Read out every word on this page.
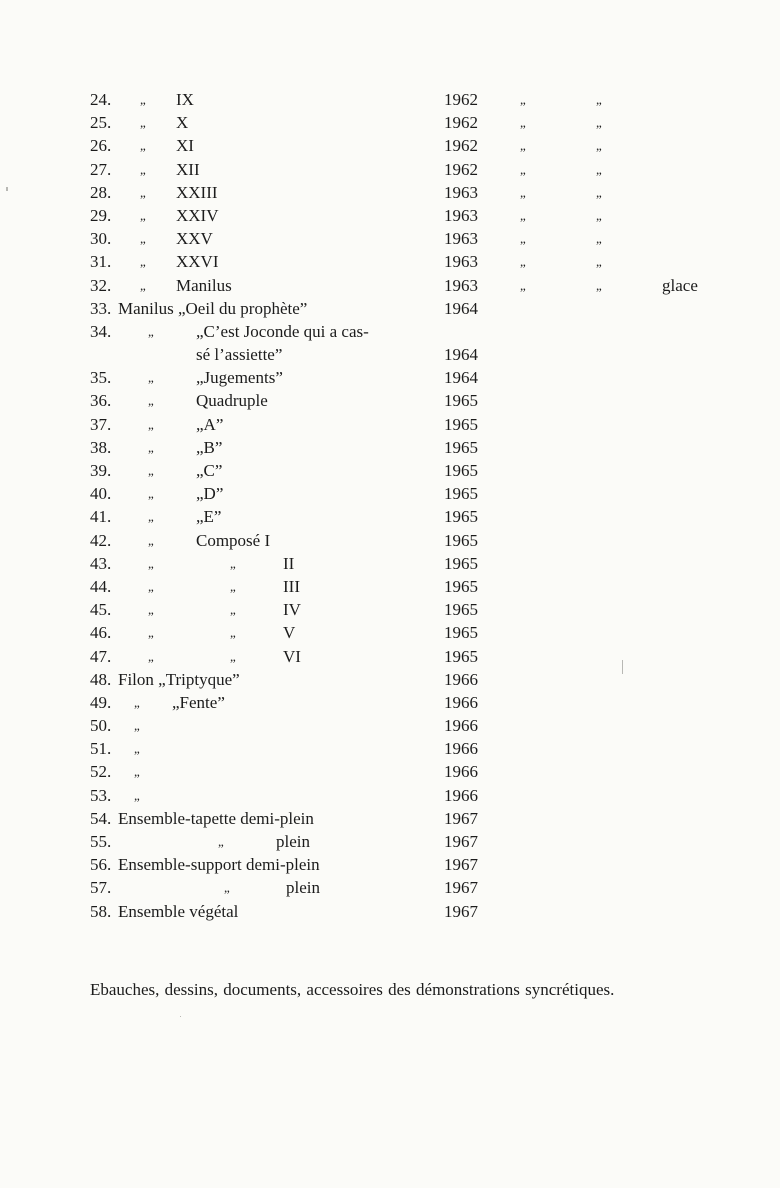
24. „ IX	1962	„	„
25. „ X	1962	„	„
26. „ XI	1962	„	„
27. „ XII	1962	„	„
28. „ XXIII	1963	„	„
29. „ XXIV	1963	„	„
30. „ XXV	1963	„	„
31. „ XXVI	1963	„	„
32. „ Manilus	1963	„	„	glace
33. Manilus „Oeil du prophète”	1964
34.	„ „C’est Joconde qui a cas-
sé l’assiette”	1964
35.	„ „Jugements”	1964
36.	„ Quadruple	1965
37.	„ „A”	1965
38.	„ „B”	1965
39.	„ „C”	1965
40.	„ „D”	1965
41.	„ „E”	1965
42.	„ Composé I	1965
43.	„	„	II	1965
44.	„	„	III	1965
45.	„	„	IV	1965
46.	„	„	V	1965
47.	„	„	VI	1965
48. Filon „Triptyque”	1966
49. „ „Fente”	1966
50. „	1966
51. „	1966
52. „	1966
53. „	1966
54. Ensemble-tapette demi-plein	1967
55.	„	plein	1967
56. Ensemble-support demi-plein	1967
57.	„	plein	1967
58. Ensemble végétal	1967
Ebauches, dessins, documents, accessoires des démonstrations syncrétiques.
